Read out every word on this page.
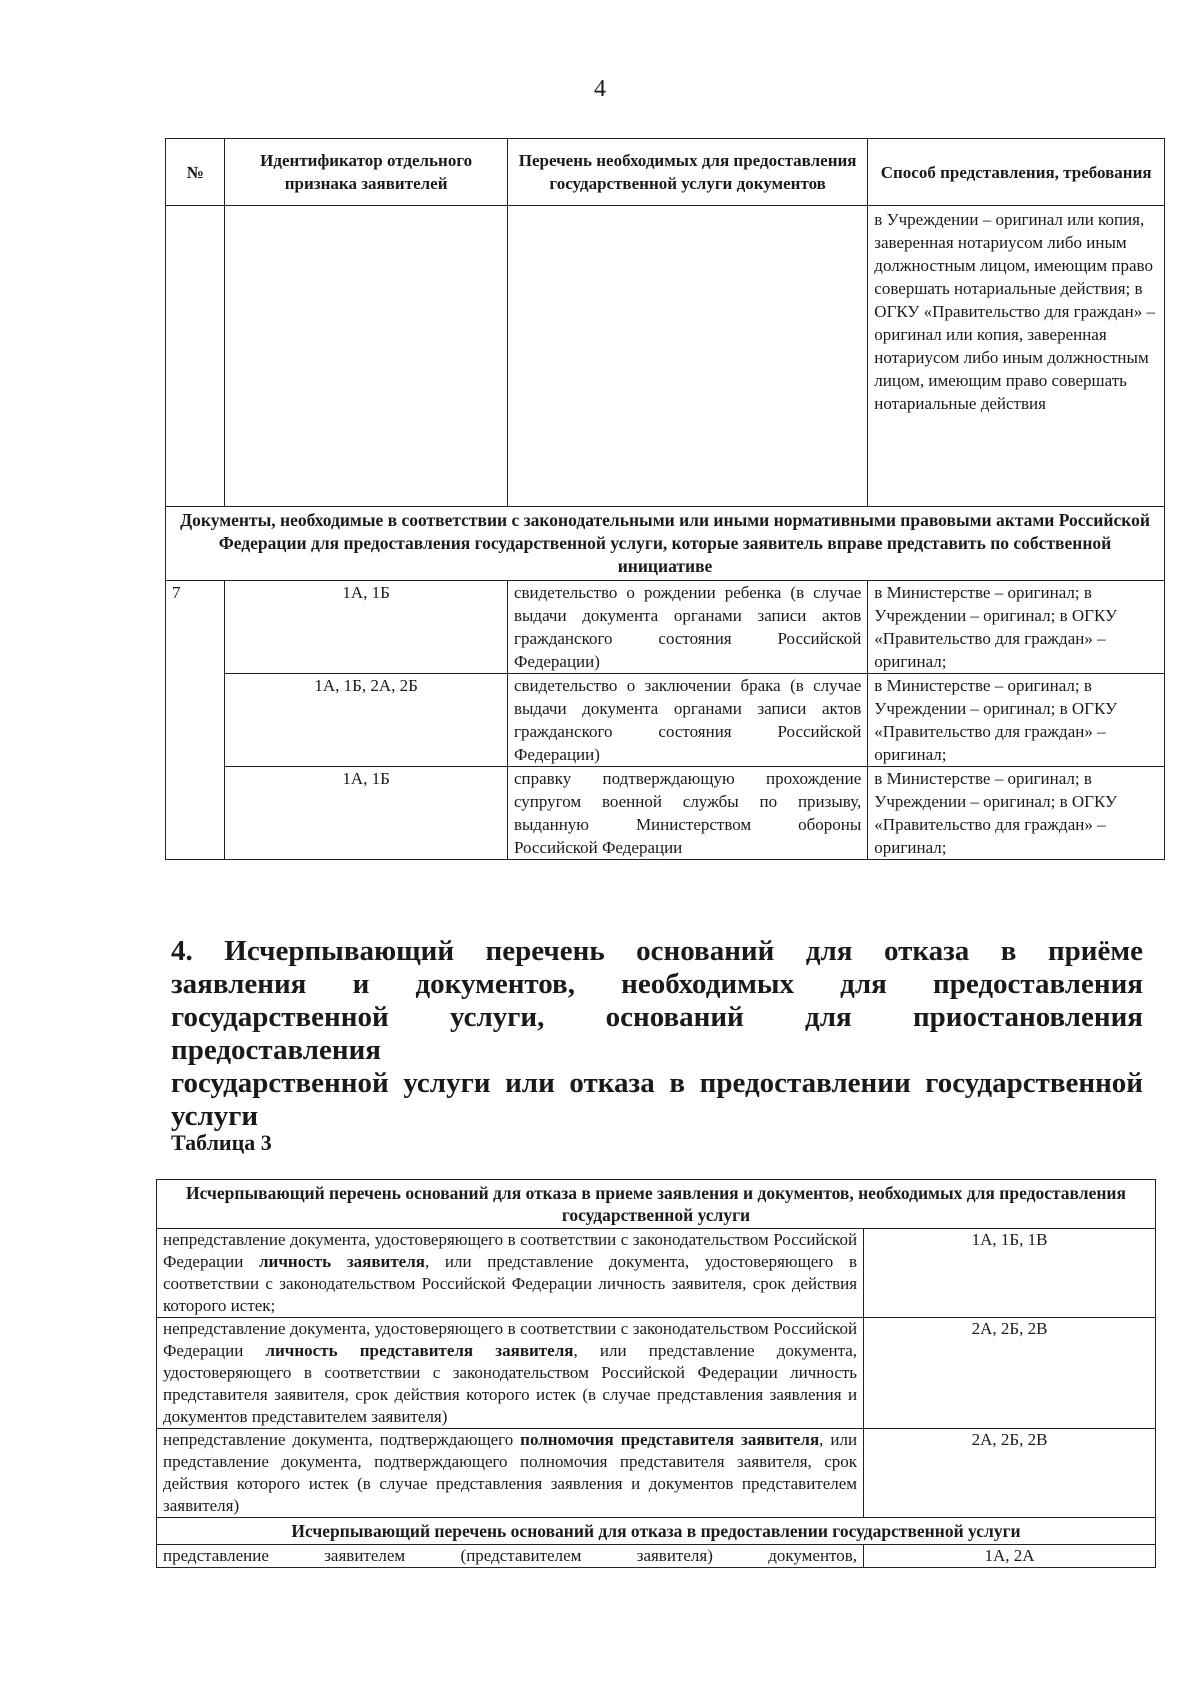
4
№	Идентификатор отдельного признака заявителей	Перечень необходимых для предоставления государственной услуги документов	Способ представления, требования
			в Учреждении – оригинал или копия, заверенная нотариусом либо иным должностным лицом, имеющим право совершать нотариальные действия; в ОГКУ «Правительство для граждан» – оригинал или копия, заверенная нотариусом либо иным должностным лицом, имеющим право совершать нотариальные действия
Документы, необходимые в соответствии с законодательными или иными нормативными правовыми актами Российской Федерации для предоставления государственной услуги, которые заявитель вправе представить по собственной инициативе			
7	1А, 1Б	свидетельство о рождении ребенка (в случае выдачи документа органами записи актов гражданского состояния Российской Федерации)	в Министерстве – оригинал; в Учреждении – оригинал; в ОГКУ «Правительство для граждан» – оригинал;
	1А, 1Б, 2А, 2Б	свидетельство о заключении брака (в случае выдачи документа органами записи актов гражданского состояния Российской Федерации)	в Министерстве – оригинал; в Учреждении – оригинал; в ОГКУ «Правительство для граждан» – оригинал;
	1А, 1Б	справку подтверждающую прохождение супругом военной службы по призыву, выданную Министерством обороны Российской Федерации	в Министерстве – оригинал; в Учреждении – оригинал; в ОГКУ «Правительство для граждан» – оригинал;
4. Исчерпывающий перечень оснований для отказа в приёме
заявления и документов, необходимых для предоставления
государственной услуги, оснований для приостановления предоставления
государственной услуги или отказа в предоставлении государственной
услуги
Таблица 3
Исчерпывающий перечень оснований для отказа в приеме заявления и документов, необходимых для предоставления государственной услуги	
непредставление документа, удостоверяющего в соответствии с законодательством Российской Федерации личность заявителя, или представление документа, удостоверяющего в соответствии с законодательством Российской Федерации личность заявителя, срок действия которого истек;	1А, 1Б, 1В
непредставление документа, удостоверяющего в соответствии с законодательством Российской Федерации личность представителя заявителя, или представление документа, удостоверяющего в соответствии с законодательством Российской Федерации личность представителя заявителя, срок действия которого истек (в случае представления заявления и документов представителем заявителя)	2А, 2Б, 2В
непредставление документа, подтверждающего полномочия представителя заявителя, или представление документа, подтверждающего полномочия представителя заявителя, срок действия которого истек (в случае представления заявления и документов представителем заявителя)	2А, 2Б, 2В
Исчерпывающий перечень оснований для отказа в предоставлении государственной услуги	
представление заявителем (представителем заявителя) документов,	1А, 2А
